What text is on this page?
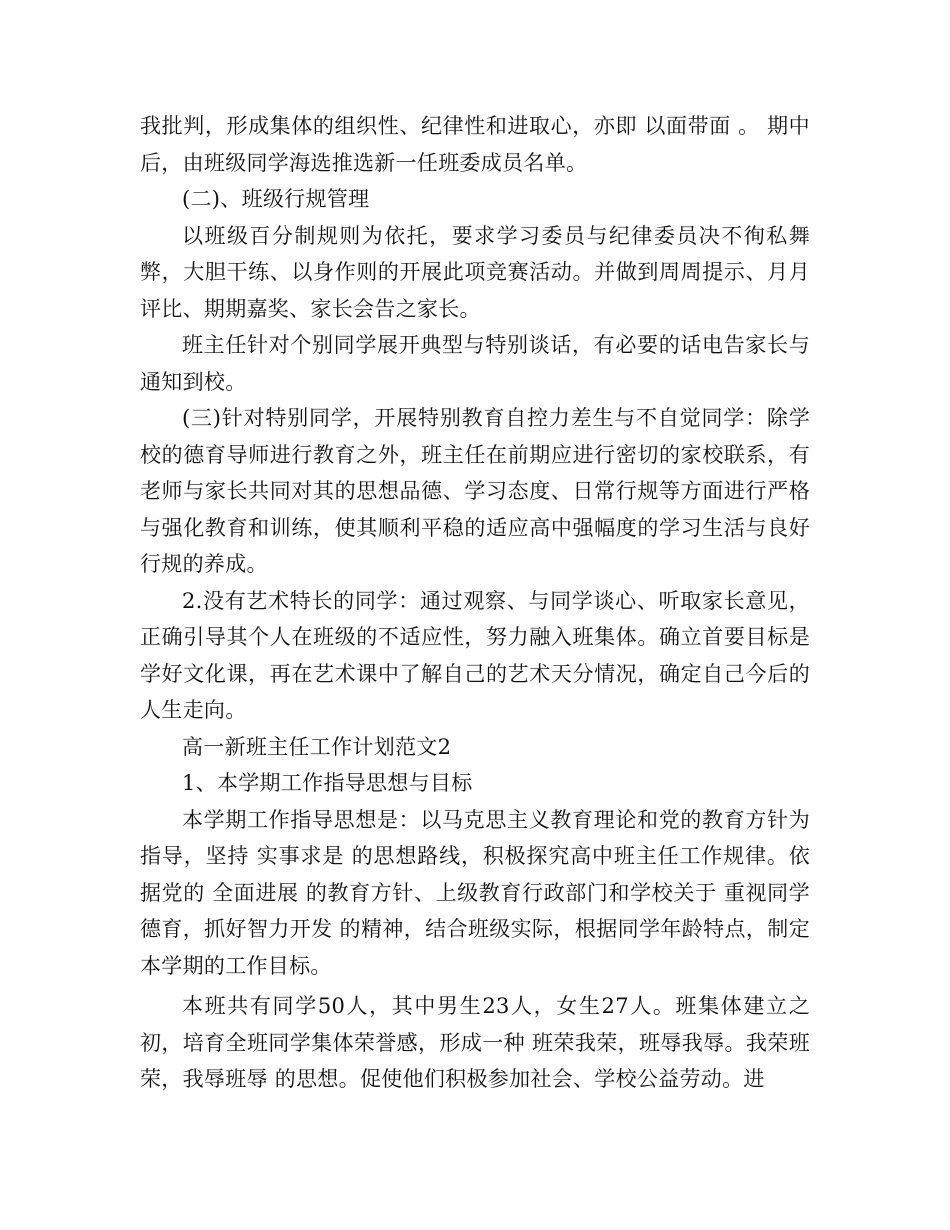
我批判，形成集体的组织性、纪律性和进取心，亦即 以面带面 。 期中后，由班级同学海选推选新一任班委成员名单。

(二)、班级行规管理

以班级百分制规则为依托，要求学习委员与纪律委员决不徇私舞弊，大胆干练、以身作则的开展此项竞赛活动。并做到周周提示、月月评比、期期嘉奖、家长会告之家长。

班主任针对个别同学展开典型与特别谈话，有必要的话电告家长与通知到校。

(三)针对特别同学，开展特别教育自控力差生与不自觉同学：除学校的德育导师进行教育之外，班主任在前期应进行密切的家校联系，有老师与家长共同对其的思想品德、学习态度、日常行规等方面进行严格与强化教育和训练，使其顺利平稳的适应高中强幅度的学习生活与良好行规的养成。

2.没有艺术特长的同学：通过观察、与同学谈心、听取家长意见，正确引导其个人在班级的不适应性，努力融入班集体。确立首要目标是学好文化课，再在艺术课中了解自己的艺术天分情况，确定自己今后的人生走向。

高一新班主任工作计划范文2

1、本学期工作指导思想与目标

本学期工作指导思想是：以马克思主义教育理论和党的教育方针为指导，坚持 实事求是 的思想路线，积极探究高中班主任工作规律。依据党的 全面进展 的教育方针、上级教育行政部门和学校关于 重视同学德育，抓好智力开发 的精神，结合班级实际，根据同学年龄特点，制定本学期的工作目标。

本班共有同学50人，其中男生23人，女生27人。班集体建立之初，培育全班同学集体荣誉感，形成一种 班荣我荣，班辱我辱。我荣班荣，我辱班辱 的思想。促使他们积极参加社会、学校公益劳动。进
